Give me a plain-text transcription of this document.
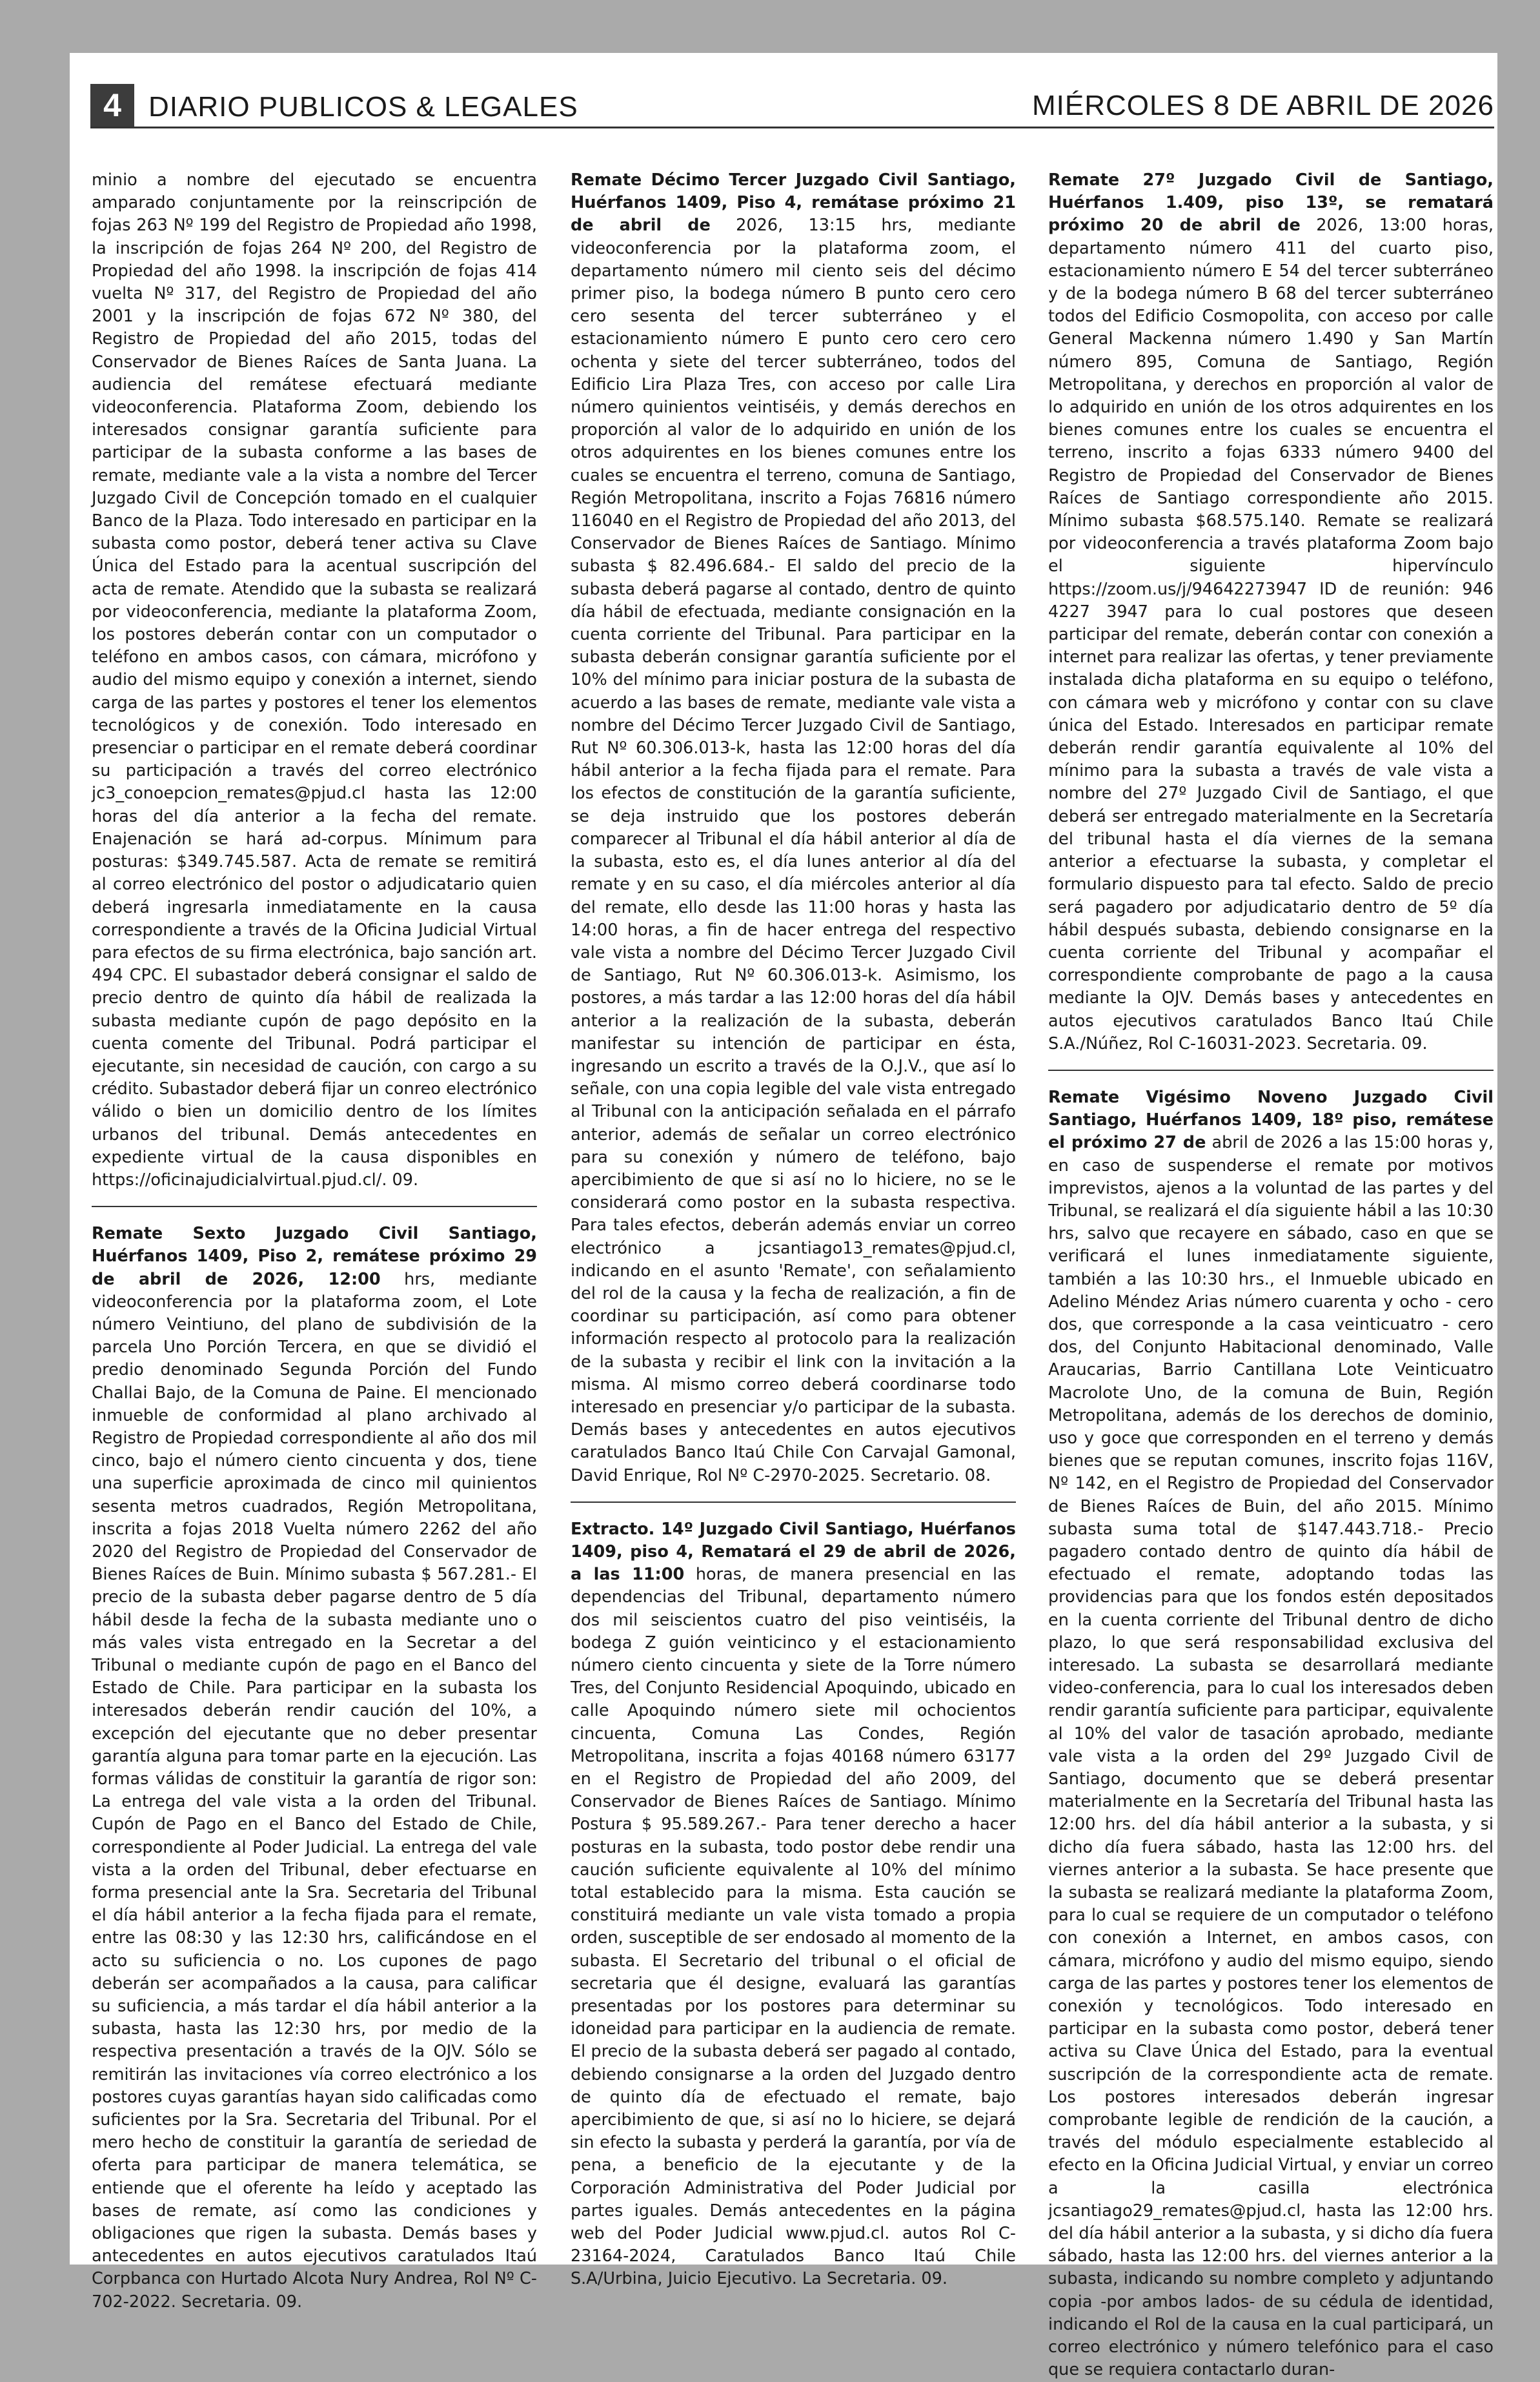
4 DIARIO PUBLICOS & LEGALES	MIÉRCOLES 8 DE ABRIL DE 2026

minio a nombre del ejecutado se encuentra amparado conjuntamente por la reinscripción de fojas 263 Nº 199 del Registro de Propiedad año 1998, la inscripción de fojas 264 Nº 200, del Registro de Propiedad del año 1998. la inscripción de fojas 414 vuelta Nº 317, del Registro de Propiedad del año 2001 y la inscripción de fojas 672 Nº 380, del Registro de Propiedad del año 2015, todas del Conservador de Bienes Raíces de Santa Juana. La audiencia del remátese efectuará mediante videoconferencia. Plataforma Zoom, debiendo los interesados consignar garantía suficiente para participar de la subasta conforme a las bases de remate, mediante vale a la vista a nombre del Tercer Juzgado Civil de Concepción tomado en el cualquier Banco de la Plaza. Todo interesado en participar en la subasta como postor, deberá tener activa su Clave Única del Estado para la acentual suscripción del acta de remate. Atendido que la subasta se realizará por videoconferencia, mediante la plataforma Zoom, los postores deberán contar con un computador o teléfono en ambos casos, con cámara, micrófono y audio del mismo equipo y conexión a internet, siendo carga de las partes y postores el tener los elementos tecnológicos y de conexión. Todo interesado en presenciar o participar en el remate deberá coordinar su participación a través del correo electrónico jc3_conoepcion_remates@pjud.cl hasta las 12:00 horas del día anterior a la fecha del remate. Enajenación se hará ad-corpus. Mínimum para posturas: $349.745.587. Acta de remate se remitirá al correo electrónico del postor o adjudicatario quien deberá ingresarla inmediatamente en la causa correspondiente a través de la Oficina Judicial Virtual para efectos de su firma electrónica, bajo sanción art. 494 CPC. El subastador deberá consignar el saldo de precio dentro de quinto día hábil de realizada la subasta mediante cupón de pago depósito en la cuenta comente del Tribunal. Podrá participar el ejecutante, sin necesidad de caución, con cargo a su crédito. Subastador deberá fijar un conreo electrónico válido o bien un domicilio dentro de los límites urbanos del tribunal. Demás antecedentes en expediente virtual de la causa disponibles en https://oficinajudicialvirtual.pjud.cl/. 09.

Remate Sexto Juzgado Civil Santiago, Huérfanos 1409, Piso 2, remátese próximo 29 de abril de 2026, 12:00 hrs, mediante videoconferencia por la plataforma zoom, el Lote número Veintiuno, del plano de subdivisión de la parcela Uno Porción Tercera, en que se dividió el predio denominado Segunda Porción del Fundo Challai Bajo, de la Comuna de Paine. El mencionado inmueble de conformidad al plano archivado al Registro de Propiedad correspondiente al año dos mil cinco, bajo el número ciento cincuenta y dos, tiene una superficie aproximada de cinco mil quinientos sesenta metros cuadrados, Región Metropolitana, inscrita a fojas 2018 Vuelta número 2262 del año 2020 del Registro de Propiedad del Conservador de Bienes Raíces de Buin. Mínimo subasta $ 567.281.- El precio de la subasta deber pagarse dentro de 5 día hábil desde la fecha de la subasta mediante uno o más vales vista entregado en la Secretar a del Tribunal o mediante cupón de pago en el Banco del Estado de Chile. Para participar en la subasta los interesados deberán rendir caución del 10%, a excepción del ejecutante que no deber presentar garantía alguna para tomar parte en la ejecución. Las formas válidas de constituir la garantía de rigor son: La entrega del vale vista a la orden del Tribunal. Cupón de Pago en el Banco del Estado de Chile, correspondiente al Poder Judicial. La entrega del vale vista a la orden del Tribunal, deber efectuarse en forma presencial ante la Sra. Secretaria del Tribunal el día hábil anterior a la fecha fijada para el remate, entre las 08:30 y las 12:30 hrs, calificándose en el acto su suficiencia o no. Los cupones de pago deberán ser acompañados a la causa, para calificar su suficiencia, a más tardar el día hábil anterior a la subasta, hasta las 12:30 hrs, por medio de la respectiva presentación a través de la OJV. Sólo se remitirán las invitaciones vía correo electrónico a los postores cuyas garantías hayan sido calificadas como suficientes por la Sra. Secretaria del Tribunal. Por el mero hecho de constituir la garantía de seriedad de oferta para participar de manera telemática, se entiende que el oferente ha leído y aceptado las bases de remate, así como las condiciones y obligaciones que rigen la subasta. Demás bases y antecedentes en autos ejecutivos caratulados Itaú Corpbanca con Hurtado Alcota Nury Andrea, Rol Nº C-702-2022. Secretaria. 09.

Remate Décimo Tercer Juzgado Civil Santiago, Huérfanos 1409, Piso 4, remátase próximo 21 de abril de 2026, 13:15 hrs, mediante videoconferencia por la plataforma zoom, el departamento número mil ciento seis del décimo primer piso, la bodega número B punto cero cero cero sesenta del tercer subterráneo y el estacionamiento número E punto cero cero cero ochenta y siete del tercer subterráneo, todos del Edificio Lira Plaza Tres, con acceso por calle Lira número quinientos veintiséis, y demás derechos en proporción al valor de lo adquirido en unión de los otros adquirentes en los bienes comunes entre los cuales se encuentra el terreno, comuna de Santiago, Región Metropolitana, inscrito a Fojas 76816 número 116040 en el Registro de Propiedad del año 2013, del Conservador de Bienes Raíces de Santiago. Mínimo subasta $ 82.496.684.- El saldo del precio de la subasta deberá pagarse al contado, dentro de quinto día hábil de efectuada, mediante consignación en la cuenta corriente del Tribunal. Para participar en la subasta deberán consignar garantía suficiente por el 10% del mínimo para iniciar postura de la subasta de acuerdo a las bases de remate, mediante vale vista a nombre del Décimo Tercer Juzgado Civil de Santiago, Rut Nº 60.306.013-k, hasta las 12:00 horas del día hábil anterior a la fecha fijada para el remate. Para los efectos de constitución de la garantía suficiente, se deja instruido que los postores deberán comparecer al Tribunal el día hábil anterior al día de la subasta, esto es, el día lunes anterior al día del remate y en su caso, el día miércoles anterior al día del remate, ello desde las 11:00 horas y hasta las 14:00 horas, a fin de hacer entrega del respectivo vale vista a nombre del Décimo Tercer Juzgado Civil de Santiago, Rut Nº 60.306.013-k. Asimismo, los postores, a más tardar a las 12:00 horas del día hábil anterior a la realización de la subasta, deberán manifestar su intención de participar en ésta, ingresando un escrito a través de la O.J.V., que así lo señale, con una copia legible del vale vista entregado al Tribunal con la anticipación señalada en el párrafo anterior, además de señalar un correo electrónico para su conexión y número de teléfono, bajo apercibimiento de que si así no lo hiciere, no se le considerará como postor en la subasta respectiva. Para tales efectos, deberán además enviar un correo electrónico a jcsantiago13_remates@pjud.cl, indicando en el asunto 'Remate', con señalamiento del rol de la causa y la fecha de realización, a fin de coordinar su participación, así como para obtener información respecto al protocolo para la realización de la subasta y recibir el link con la invitación a la misma. Al mismo correo deberá coordinarse todo interesado en presenciar y/o participar de la subasta. Demás bases y antecedentes en autos ejecutivos caratulados Banco Itaú Chile Con Carvajal Gamonal, David Enrique, Rol Nº C-2970-2025. Secretario. 08.

Extracto. 14º Juzgado Civil Santiago, Huérfanos 1409, piso 4, Rematará el 29 de abril de 2026, a las 11:00 horas, de manera presencial en las dependencias del Tribunal, departamento número dos mil seiscientos cuatro del piso veintiséis, la bodega Z guión veinticinco y el estacionamiento número ciento cincuenta y siete de la Torre número Tres, del Conjunto Residencial Apoquindo, ubicado en calle Apoquindo número siete mil ochocientos cincuenta, Comuna Las Condes, Región Metropolitana, inscrita a fojas 40168 número 63177 en el Registro de Propiedad del año 2009, del Conservador de Bienes Raíces de Santiago. Mínimo Postura $ 95.589.267.- Para tener derecho a hacer posturas en la subasta, todo postor debe rendir una caución suficiente equivalente al 10% del mínimo total establecido para la misma. Esta caución se constituirá mediante un vale vista tomado a propia orden, susceptible de ser endosado al momento de la subasta. El Secretario del tribunal o el oficial de secretaria que él designe, evaluará las garantías presentadas por los postores para determinar su idoneidad para participar en la audiencia de remate. El precio de la subasta deberá ser pagado al contado, debiendo consignarse a la orden del Juzgado dentro de quinto día de efectuado el remate, bajo apercibimiento de que, si así no lo hiciere, se dejará sin efecto la subasta y perderá la garantía, por vía de pena, a beneficio de la ejecutante y de la Corporación Administrativa del Poder Judicial por partes iguales. Demás antecedentes en la página web del Poder Judicial www.pjud.cl. autos Rol C-23164-2024, Caratulados Banco Itaú Chile S.A/Urbina, Juicio Ejecutivo. La Secretaria. 09.

Remate 27º Juzgado Civil de Santiago, Huérfanos 1.409, piso 13º, se rematará próximo 20 de abril de 2026, 13:00 horas, departamento número 411 del cuarto piso, estacionamiento número E 54 del tercer subterráneo y de la bodega número B 68 del tercer subterráneo todos del Edificio Cosmopolita, con acceso por calle General Mackenna número 1.490 y San Martín número 895, Comuna de Santiago, Región Metropolitana, y derechos en proporción al valor de lo adquirido en unión de los otros adquirentes en los bienes comunes entre los cuales se encuentra el terreno, inscrito a fojas 6333 número 9400 del Registro de Propiedad del Conservador de Bienes Raíces de Santiago correspondiente año 2015. Mínimo subasta $68.575.140. Remate se realizará por videoconferencia a través plataforma Zoom bajo el siguiente hipervínculo https://zoom.us/j/94642273947 ID de reunión: 946 4227 3947 para lo cual postores que deseen participar del remate, deberán contar con conexión a internet para realizar las ofertas, y tener previamente instalada dicha plataforma en su equipo o teléfono, con cámara web y micrófono y contar con su clave única del Estado. Interesados en participar remate deberán rendir garantía equivalente al 10% del mínimo para la subasta a través de vale vista a nombre del 27º Juzgado Civil de Santiago, el que deberá ser entregado materialmente en la Secretaría del tribunal hasta el día viernes de la semana anterior a efectuarse la subasta, y completar el formulario dispuesto para tal efecto. Saldo de precio será pagadero por adjudicatario dentro de 5º día hábil después subasta, debiendo consignarse en la cuenta corriente del Tribunal y acompañar el correspondiente comprobante de pago a la causa mediante la OJV. Demás bases y antecedentes en autos ejecutivos caratulados Banco Itaú Chile S.A./Núñez, Rol C-16031-2023. Secretaria. 09.

Remate Vigésimo Noveno Juzgado Civil Santiago, Huérfanos 1409, 18º piso, remátese el próximo 27 de abril de 2026 a las 15:00 horas y, en caso de suspenderse el remate por motivos imprevistos, ajenos a la voluntad de las partes y del Tribunal, se realizará el día siguiente hábil a las 10:30 hrs, salvo que recayere en sábado, caso en que se verificará el lunes inmediatamente siguiente, también a las 10:30 hrs., el Inmueble ubicado en Adelino Méndez Arias número cuarenta y ocho - cero dos, que corresponde a la casa veinticuatro - cero dos, del Conjunto Habitacional denominado, Valle Araucarias, Barrio Cantillana Lote Veinticuatro Macrolote Uno, de la comuna de Buin, Región Metropolitana, además de los derechos de dominio, uso y goce que corresponden en el terreno y demás bienes que se reputan comunes, inscrito fojas 116V, Nº 142, en el Registro de Propiedad del Conservador de Bienes Raíces de Buin, del año 2015. Mínimo subasta suma total de $147.443.718.- Precio pagadero contado dentro de quinto día hábil de efectuado el remate, adoptando todas las providencias para que los fondos estén depositados en la cuenta corriente del Tribunal dentro de dicho plazo, lo que será responsabilidad exclusiva del interesado. La subasta se desarrollará mediante video-conferencia, para lo cual los interesados deben rendir garantía suficiente para participar, equivalente al 10% del valor de tasación aprobado, mediante vale vista a la orden del 29º Juzgado Civil de Santiago, documento que se deberá presentar materialmente en la Secretaría del Tribunal hasta las 12:00 hrs. del día hábil anterior a la subasta, y si dicho día fuera sábado, hasta las 12:00 hrs. del viernes anterior a la subasta. Se hace presente que la subasta se realizará mediante la plataforma Zoom, para lo cual se requiere de un computador o teléfono con conexión a Internet, en ambos casos, con cámara, micrófono y audio del mismo equipo, siendo carga de las partes y postores tener los elementos de conexión y tecnológicos. Todo interesado en participar en la subasta como postor, deberá tener activa su Clave Única del Estado, para la eventual suscripción de la correspondiente acta de remate. Los postores interesados deberán ingresar comprobante legible de rendición de la caución, a través del módulo especialmente establecido al efecto en la Oficina Judicial Virtual, y enviar un correo a la casilla electrónica jcsantiago29_remates@pjud.cl, hasta las 12:00 hrs. del día hábil anterior a la subasta, y si dicho día fuera sábado, hasta las 12:00 hrs. del viernes anterior a la subasta, indicando su nombre completo y adjuntando copia -por ambos lados- de su cédula de identidad, indicando el Rol de la causa en la cual participará, un correo electrónico y número telefónico para el caso que se requiera contactarlo duran-
